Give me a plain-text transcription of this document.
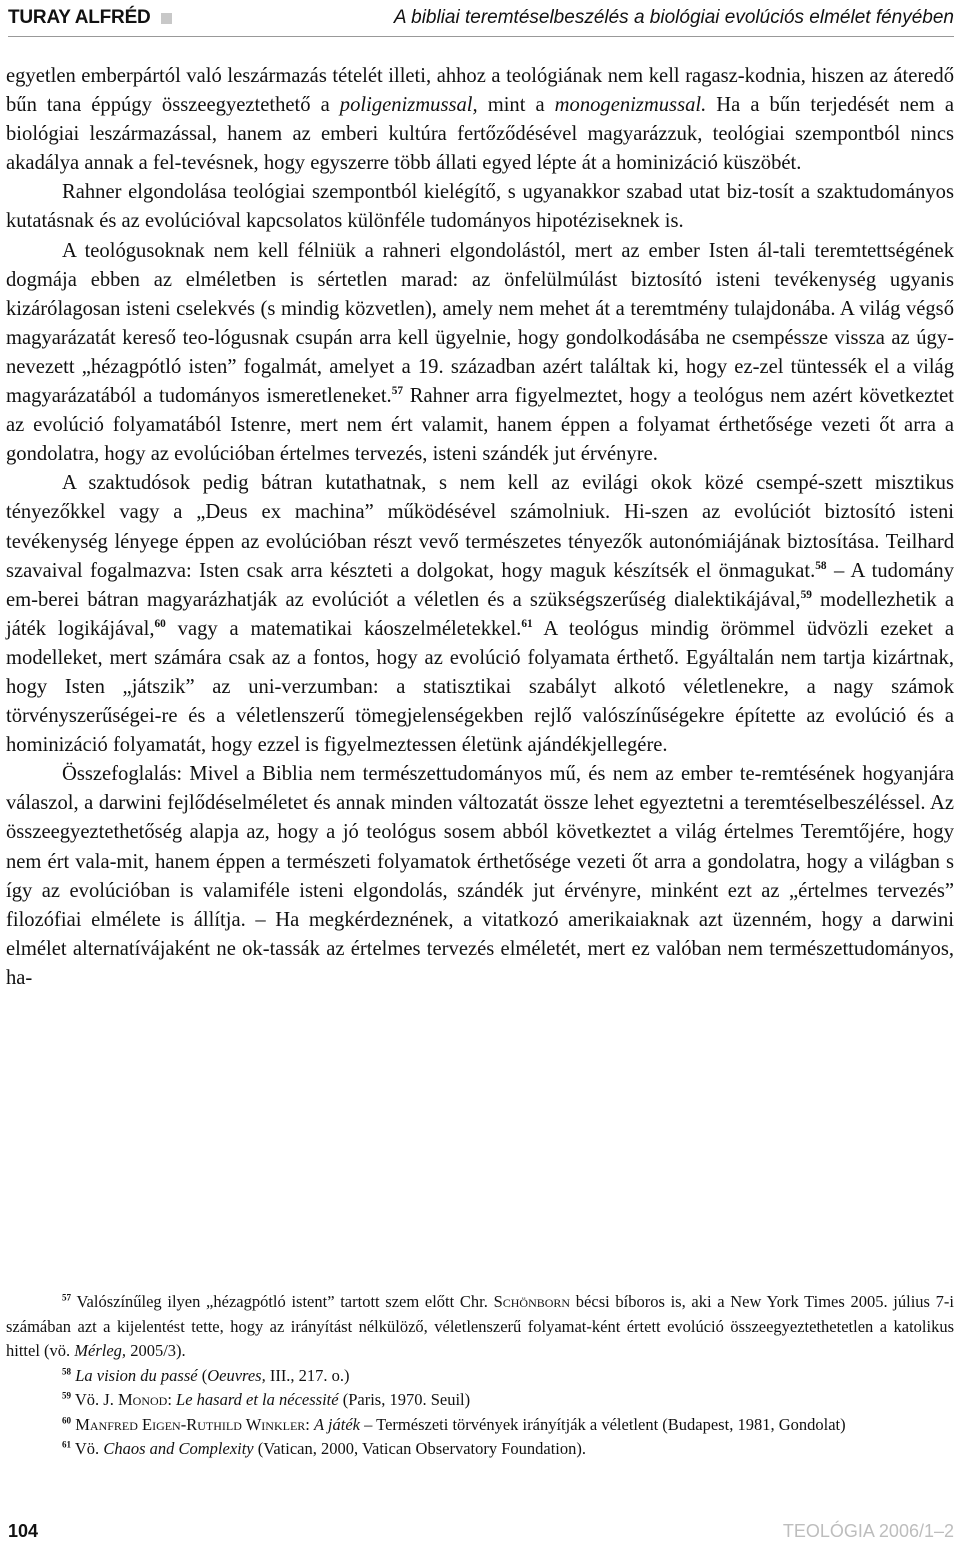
TURAY ALFRÉD	A bibliai teremtéselbeszélés a biológiai evolúciós elmélet fényében

egyetlen emberpártól való leszármazás tételét illeti, ahhoz a teológiának nem kell ragasz-kodnia, hiszen az áteredő bűn tana éppúgy összeegyeztethető a poligenizmussal, mint a monogenizmussal. Ha a bűn terjedését nem a biológiai leszármazással, hanem az emberi kultúra fertőződésével magyarázzuk, teológiai szempontból nincs akadálya annak a fel-tevésnek, hogy egyszerre több állati egyed lépte át a hominizáció küszöbét.

Rahner elgondolása teológiai szempontból kielégítő, s ugyanakkor szabad utat biz-tosít a szaktudományos kutatásnak és az evolúcióval kapcsolatos különféle tudományos hipotéziseknek is.

A teológusoknak nem kell félniük a rahneri elgondolástól, mert az ember Isten ál-tali teremtettségének dogmája ebben az elméletben is sértetlen marad: az önfelülmúlást biztosító isteni tevékenység ugyanis kizárólagosan isteni cselekvés (s mindig közvetlen), amely nem mehet át a teremtmény tulajdonába. A világ végső magyarázatát kereső teo-lógusnak csupán arra kell ügyelnie, hogy gondolkodásába ne csempéssze vissza az úgy-nevezett „hézagpótló isten” fogalmát, amelyet a 19. században azért találtak ki, hogy ez-zel tüntessék el a világ magyarázatából a tudományos ismeretleneket.$^{57}$ Rahner arra figyelmeztet, hogy a teológus nem azért következtet az evolúció folyamatából Istenre, mert nem ért valamit, hanem éppen a folyamat érthetősége vezeti őt arra a gondolatra, hogy az evolúcióban értelmes tervezés, isteni szándék jut érvényre.

A szaktudósok pedig bátran kutathatnak, s nem kell az evilági okok közé csempé-szett misztikus tényezőkkel vagy a „Deus ex machina” működésével számolniuk. Hi-szen az evolúciót biztosító isteni tevékenység lényege éppen az evolúcióban részt vevő természetes tényezők autonómiájának biztosítása. Teilhard szavaival fogalmazva: Isten csak arra készteti a dolgokat, hogy maguk készítsék el önmagukat.$^{58}$ – A tudomány em-berei bátran magyarázhatják az evolúciót a véletlen és a szükségszerűség dialektikájával,$^{59}$ modellezhetik a játék logikájával,$^{60}$ vagy a matematikai káoszelméletekkel.$^{61}$ A teológus mindig örömmel üdvözli ezeket a modelleket, mert számára csak az a fontos, hogy az evolúció folyamata érthető. Egyáltalán nem tartja kizártnak, hogy Isten „játszik” az uni-verzumban: a statisztikai szabályt alkotó véletlenekre, a nagy számok törvényszerűségei-re és a véletlenszerű tömegjelenségekben rejlő valószínűségekre építette az evolúció és a hominizáció folyamatát, hogy ezzel is figyelmeztessen életünk ajándékjellegére.

Összefoglalás: Mivel a Biblia nem természettudományos mű, és nem az ember te-remtésének hogyanjára válaszol, a darwini fejlődéselméletet és annak minden változatát össze lehet egyeztetni a teremtéselbeszéléssel. Az összeegyeztethetőség alapja az, hogy a jó teológus sosem abból következtet a világ értelmes Teremtőjére, hogy nem ért vala-mit, hanem éppen a természeti folyamatok érthetősége vezeti őt arra a gondolatra, hogy a világban s így az evolúcióban is valamiféle isteni elgondolás, szándék jut érvényre, minként ezt az „értelmes tervezés” filozófiai elmélete is állítja. – Ha megkérdeznének, a vitatkozó amerikaiaknak azt üzenném, hogy a darwini elmélet alternatívájaként ne ok-tassák az értelmes tervezés elméletét, mert ez valóban nem természettudományos, ha-

$^{57}$ Valószínűleg ilyen „hézagpótló istent” tartott szem előtt Chr. Schönborn bécsi bíboros is, aki a New York Times 2005. július 7-i számában azt a kijelentést tette, hogy az irányítást nélkülöző, véletlenszerű folyamat-ként értett evolúció összeegyeztethetetlen a katolikus hittel (vö. Mérleg, 2005/3).

$^{58}$ La vision du passé (Oeuvres, III., 217. o.)

$^{59}$ Vö. J. Monod: Le hasard et la nécessité (Paris, 1970. Seuil)

$^{60}$ Manfred Eigen-Ruthild Winkler: A játék – Természeti törvények irányítják a véletlent (Budapest, 1981, Gondolat)

$^{61}$ Vö. Chaos and Complexity (Vatican, 2000, Vatican Observatory Foundation).

104	TEOLÓGIA 2006/1–2
